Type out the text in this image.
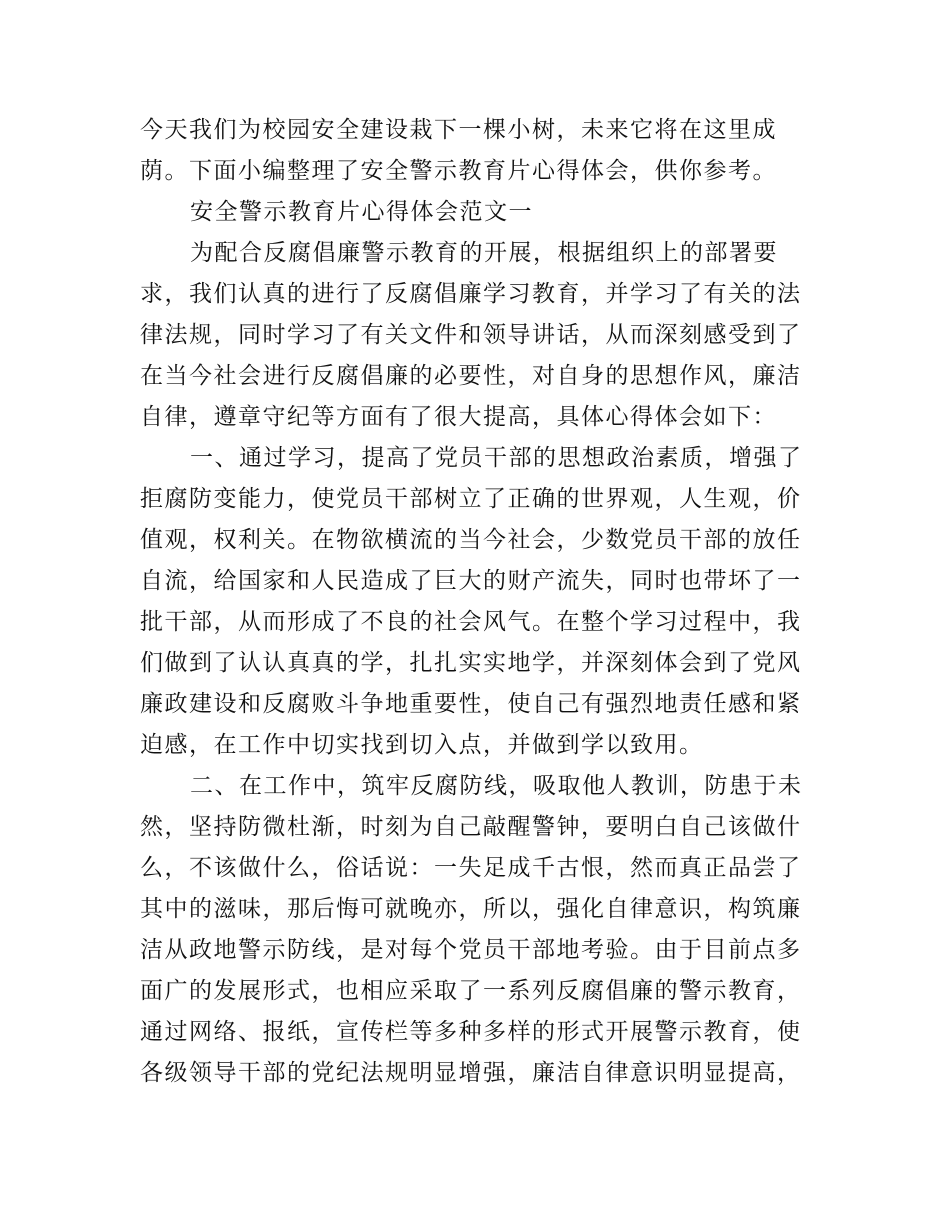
今天我们为校园安全建设栽下一棵小树，未来它将在这里成
荫。下面小编整理了安全警示教育片心得体会，供你参考。
安全警示教育片心得体会范文一
为配合反腐倡廉警示教育的开展，根据组织上的部署要
求，我们认真的进行了反腐倡廉学习教育，并学习了有关的法
律法规，同时学习了有关文件和领导讲话，从而深刻感受到了
在当今社会进行反腐倡廉的必要性，对自身的思想作风，廉洁
自律，遵章守纪等方面有了很大提高，具体心得体会如下：
一、通过学习，提高了党员干部的思想政治素质，增强了
拒腐防变能力，使党员干部树立了正确的世界观，人生观，价
值观，权利关。在物欲横流的当今社会，少数党员干部的放任
自流，给国家和人民造成了巨大的财产流失，同时也带坏了一
批干部，从而形成了不良的社会风气。在整个学习过程中，我
们做到了认认真真的学，扎扎实实地学，并深刻体会到了党风
廉政建设和反腐败斗争地重要性，使自己有强烈地责任感和紧
迫感，在工作中切实找到切入点，并做到学以致用。
二、在工作中，筑牢反腐防线，吸取他人教训，防患于未
然，坚持防微杜渐，时刻为自己敲醒警钟，要明白自己该做什
么，不该做什么，俗话说：一失足成千古恨，然而真正品尝了
其中的滋味，那后悔可就晚亦，所以，强化自律意识，构筑廉
洁从政地警示防线，是对每个党员干部地考验。由于目前点多
面广的发展形式，也相应采取了一系列反腐倡廉的警示教育，
通过网络、报纸，宣传栏等多种多样的形式开展警示教育，使
各级领导干部的党纪法规明显增强，廉洁自律意识明显提高，
